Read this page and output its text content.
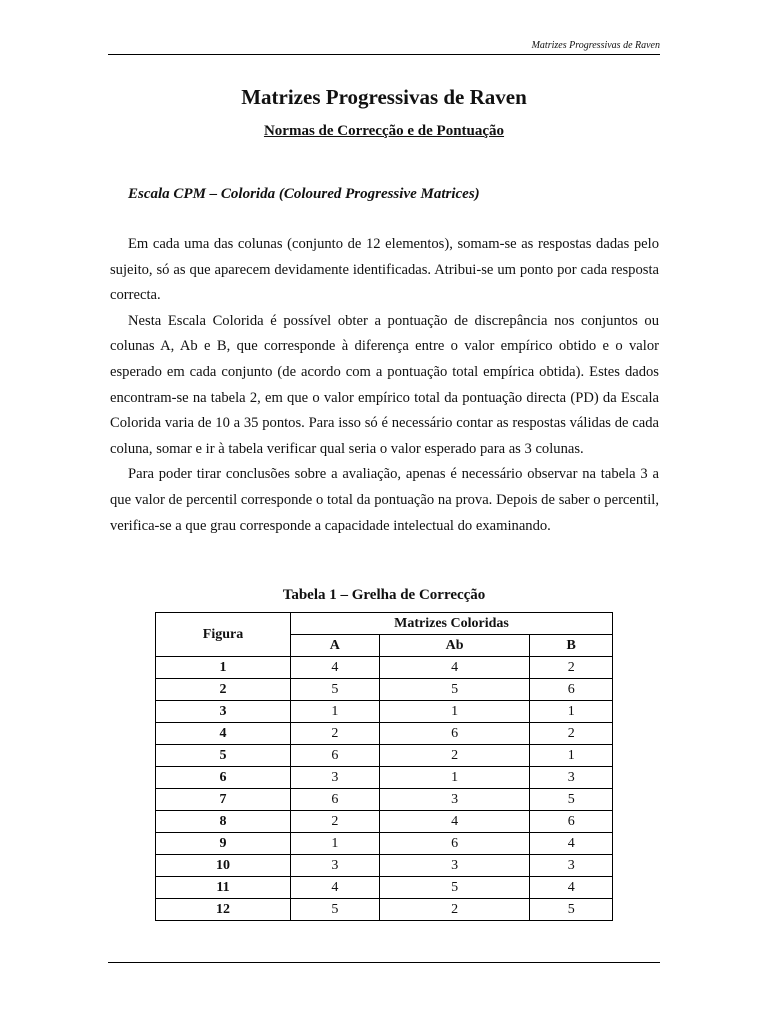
Matrizes Progressivas de Raven
Matrizes Progressivas de Raven
Normas de Correcção e de Pontuação
Escala CPM – Colorida (Coloured Progressive Matrices)

Em cada uma das colunas (conjunto de 12 elementos), somam-se as respostas dadas pelo sujeito, só as que aparecem devidamente identificadas. Atribui-se um ponto por cada resposta correcta.

Nesta Escala Colorida é possível obter a pontuação de discrepância nos conjuntos ou colunas A, Ab e B, que corresponde à diferença entre o valor empírico obtido e o valor esperado em cada conjunto (de acordo com a pontuação total empírica obtida). Estes dados encontram-se na tabela 2, em que o valor empírico total da pontuação directa (PD) da Escala Colorida varia de 10 a 35 pontos. Para isso só é necessário contar as respostas válidas de cada coluna, somar e ir à tabela verificar qual seria o valor esperado para as 3 colunas.

Para poder tirar conclusões sobre a avaliação, apenas é necessário observar na tabela 3 a que valor de percentil corresponde o total da pontuação na prova. Depois de saber o percentil, verifica-se a que grau corresponde a capacidade intelectual do examinando.

Tabela 1 – Grelha de Correcção
Figura	Matrizes Coloridas		
	A	Ab	B
1	4	4	2
2	5	5	6
3	1	1	1
4	2	6	2
5	6	2	1
6	3	1	3
7	6	3	5
8	2	4	6
9	1	6	4
10	3	3	3
11	4	5	4
12	5	2	5
